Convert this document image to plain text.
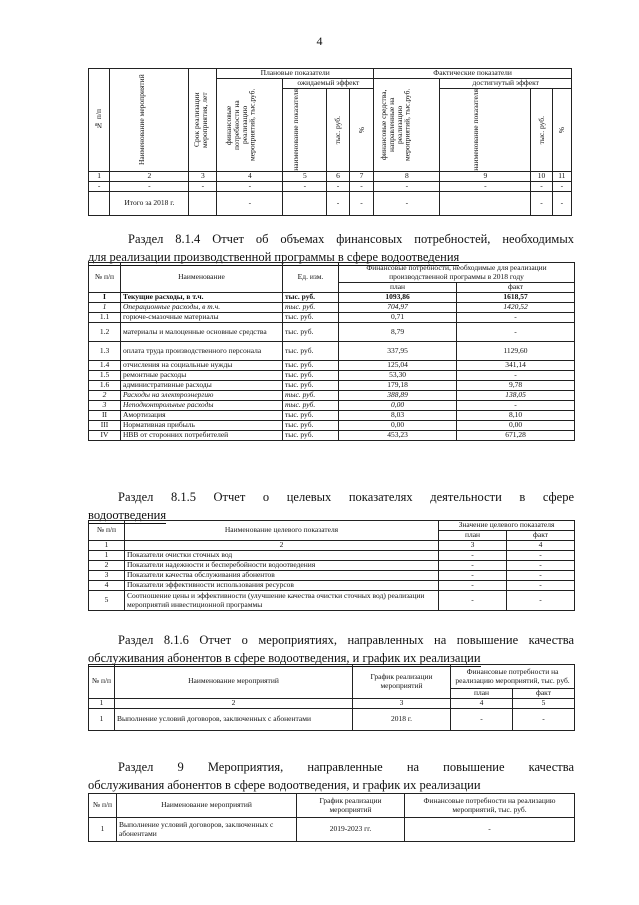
4
№ п/п	Наименование мероприятий	Срок реализации мероприятия, лет	Плановые показатели				Фактические показатели			

			финансовые потребности на реализацию мероприятий, тыс.руб.	ожидаемый эффект			финансовые средства, направленные на реализацию мероприятий, тыс.руб.	достигнутый эффект		

				наименование показателя	тыс. руб.	%		наименование показателя	тыс. руб.	%

1	2	3	4	5	6	7	8	9	10	11
-	-	-	-	-	-	-	-	-	-	-
	Итого за 2018 г.		-		-	-	-		-	-
Раздел 8.1.4 Отчет об объемах финансовых потребностей, необходимых
для реализации производственной программы в сфере водоотведения
№ п/п	Наименование	Ед. изм.	Финансовые потребности, необходимые для реализации производственной программы в 2018 году	
			план	факт
I	Текущие расходы, в т.ч.	тыс. руб.	1093,86	1618,57
1	Операционные расходы, в т.ч.	тыс. руб.	704,97	1420,52
1.1	горюче-смазочные материалы	тыс. руб.	0,71	-
1.2	материалы и малоценные основные средства	тыс. руб.	8,79	-
1.3	оплата труда производственного персонала	тыс. руб.	337,95	1129,60
1.4	отчисления на социальные нужды	тыс. руб.	125,04	341,14
1.5	ремонтные расходы	тыс. руб.	53,30	-
1.6	административные расходы	тыс. руб.	179,18	9,78
2	Расходы на электроэнергию	тыс. руб.	388,89	138,05
3	Неподконтрольные расходы	тыс. руб.	0,00	-
II	Амортизация	тыс. руб.	8,03	8,10
III	Нормативная прибыль	тыс. руб.	0,00	0,00
IV	НВВ от сторонних потребителей	тыс. руб.	453,23	671,28
Раздел 8.1.5 Отчет о целевых показателях деятельности в сфере
водоотведения
№ п/п	Наименование целевого показателя	Значение целевого показателя	
		план	факт
1	2	3	4
1	Показатели очистки сточных вод	-	-
2	Показатели надежности и бесперебойности водоотведения	-	-
3	Показатели качества обслуживания абонентов	-	-
4	Показатели эффективности использования ресурсов	-	-
5	Соотношение цены и эффективности (улучшение качества очистки сточных вод) реализации мероприятий инвестиционной программы	-	-
Раздел 8.1.6 Отчет о мероприятиях, направленных на повышение качества
обслуживания абонентов в сфере водоотведения, и график их реализации
№ п/п	Наименование мероприятий	График реализации мероприятий	Финансовые потребности на реализацию мероприятий, тыс. руб.	
			план	факт
1	2	3	4	5
1	Выполнение условий договоров, заключенных с абонентами	2018 г.	-	-
Раздел 9 Мероприятия, направленные на повышение качества
обслуживания абонентов в сфере водоотведения, и график их реализации
№ п/п	Наименование мероприятий	График реализации мероприятий	Финансовые потребности на реализацию мероприятий, тыс. руб.
1	Выполнение условий договоров, заключенных с абонентами	2019-2023 гг.	-
